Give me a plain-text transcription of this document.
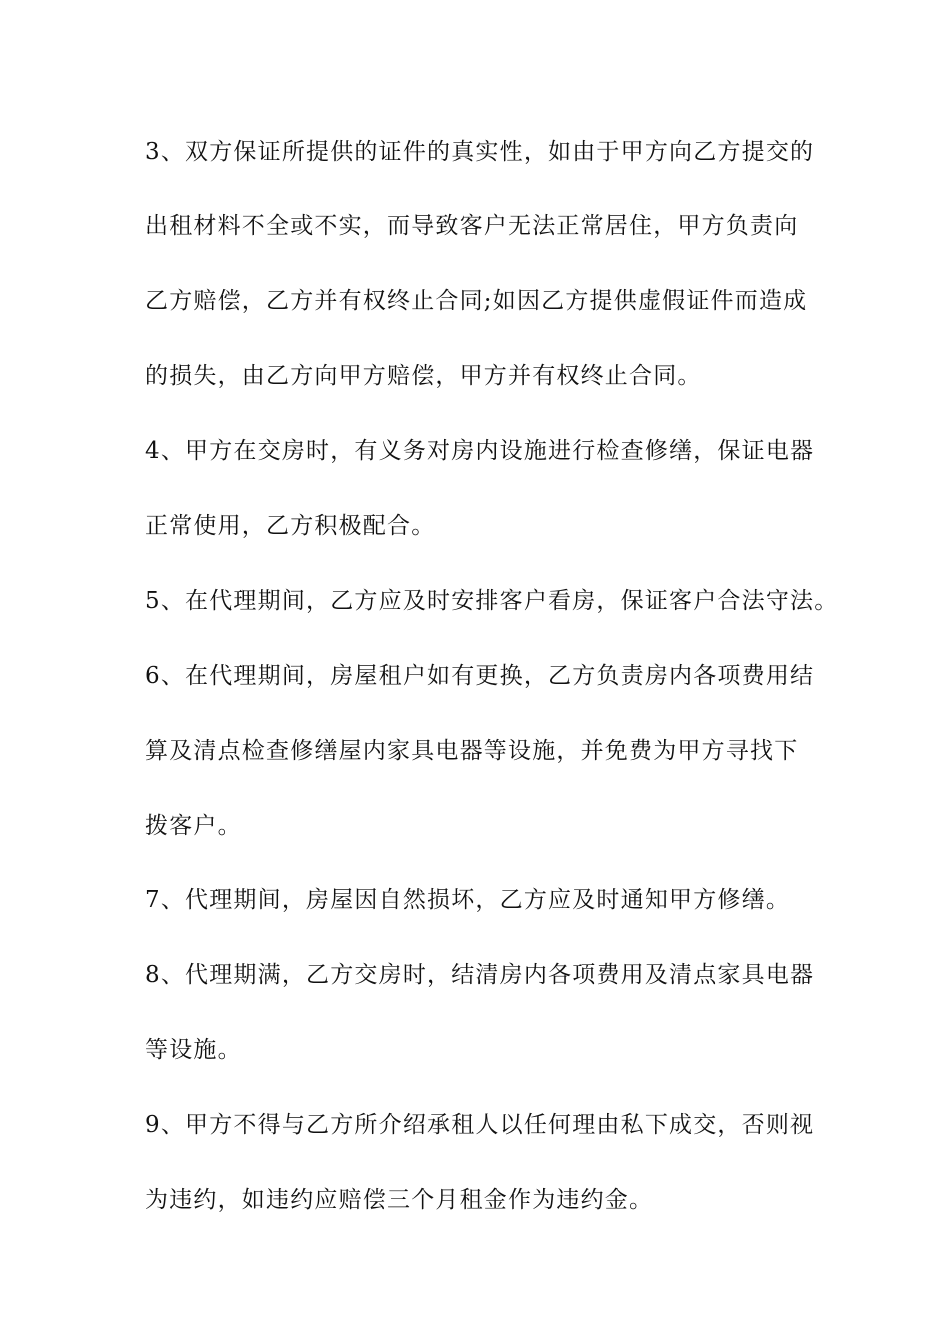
3、双方保证所提供的证件的真实性，如由于甲方向乙方提交的
出租材料不全或不实，而导致客户无法正常居住，甲方负责向
乙方赔偿，乙方并有权终止合同;如因乙方提供虚假证件而造成
的损失，由乙方向甲方赔偿，甲方并有权终止合同。
4、甲方在交房时，有义务对房内设施进行检查修缮，保证电器
正常使用，乙方积极配合。
5、在代理期间，乙方应及时安排客户看房，保证客户合法守法。
6、在代理期间，房屋租户如有更换，乙方负责房内各项费用结
算及清点检查修缮屋内家具电器等设施，并免费为甲方寻找下
拨客户。
7、代理期间，房屋因自然损坏，乙方应及时通知甲方修缮。
8、代理期满，乙方交房时，结清房内各项费用及清点家具电器
等设施。
9、甲方不得与乙方所介绍承租人以任何理由私下成交，否则视
为违约，如违约应赔偿三个月租金作为违约金。
